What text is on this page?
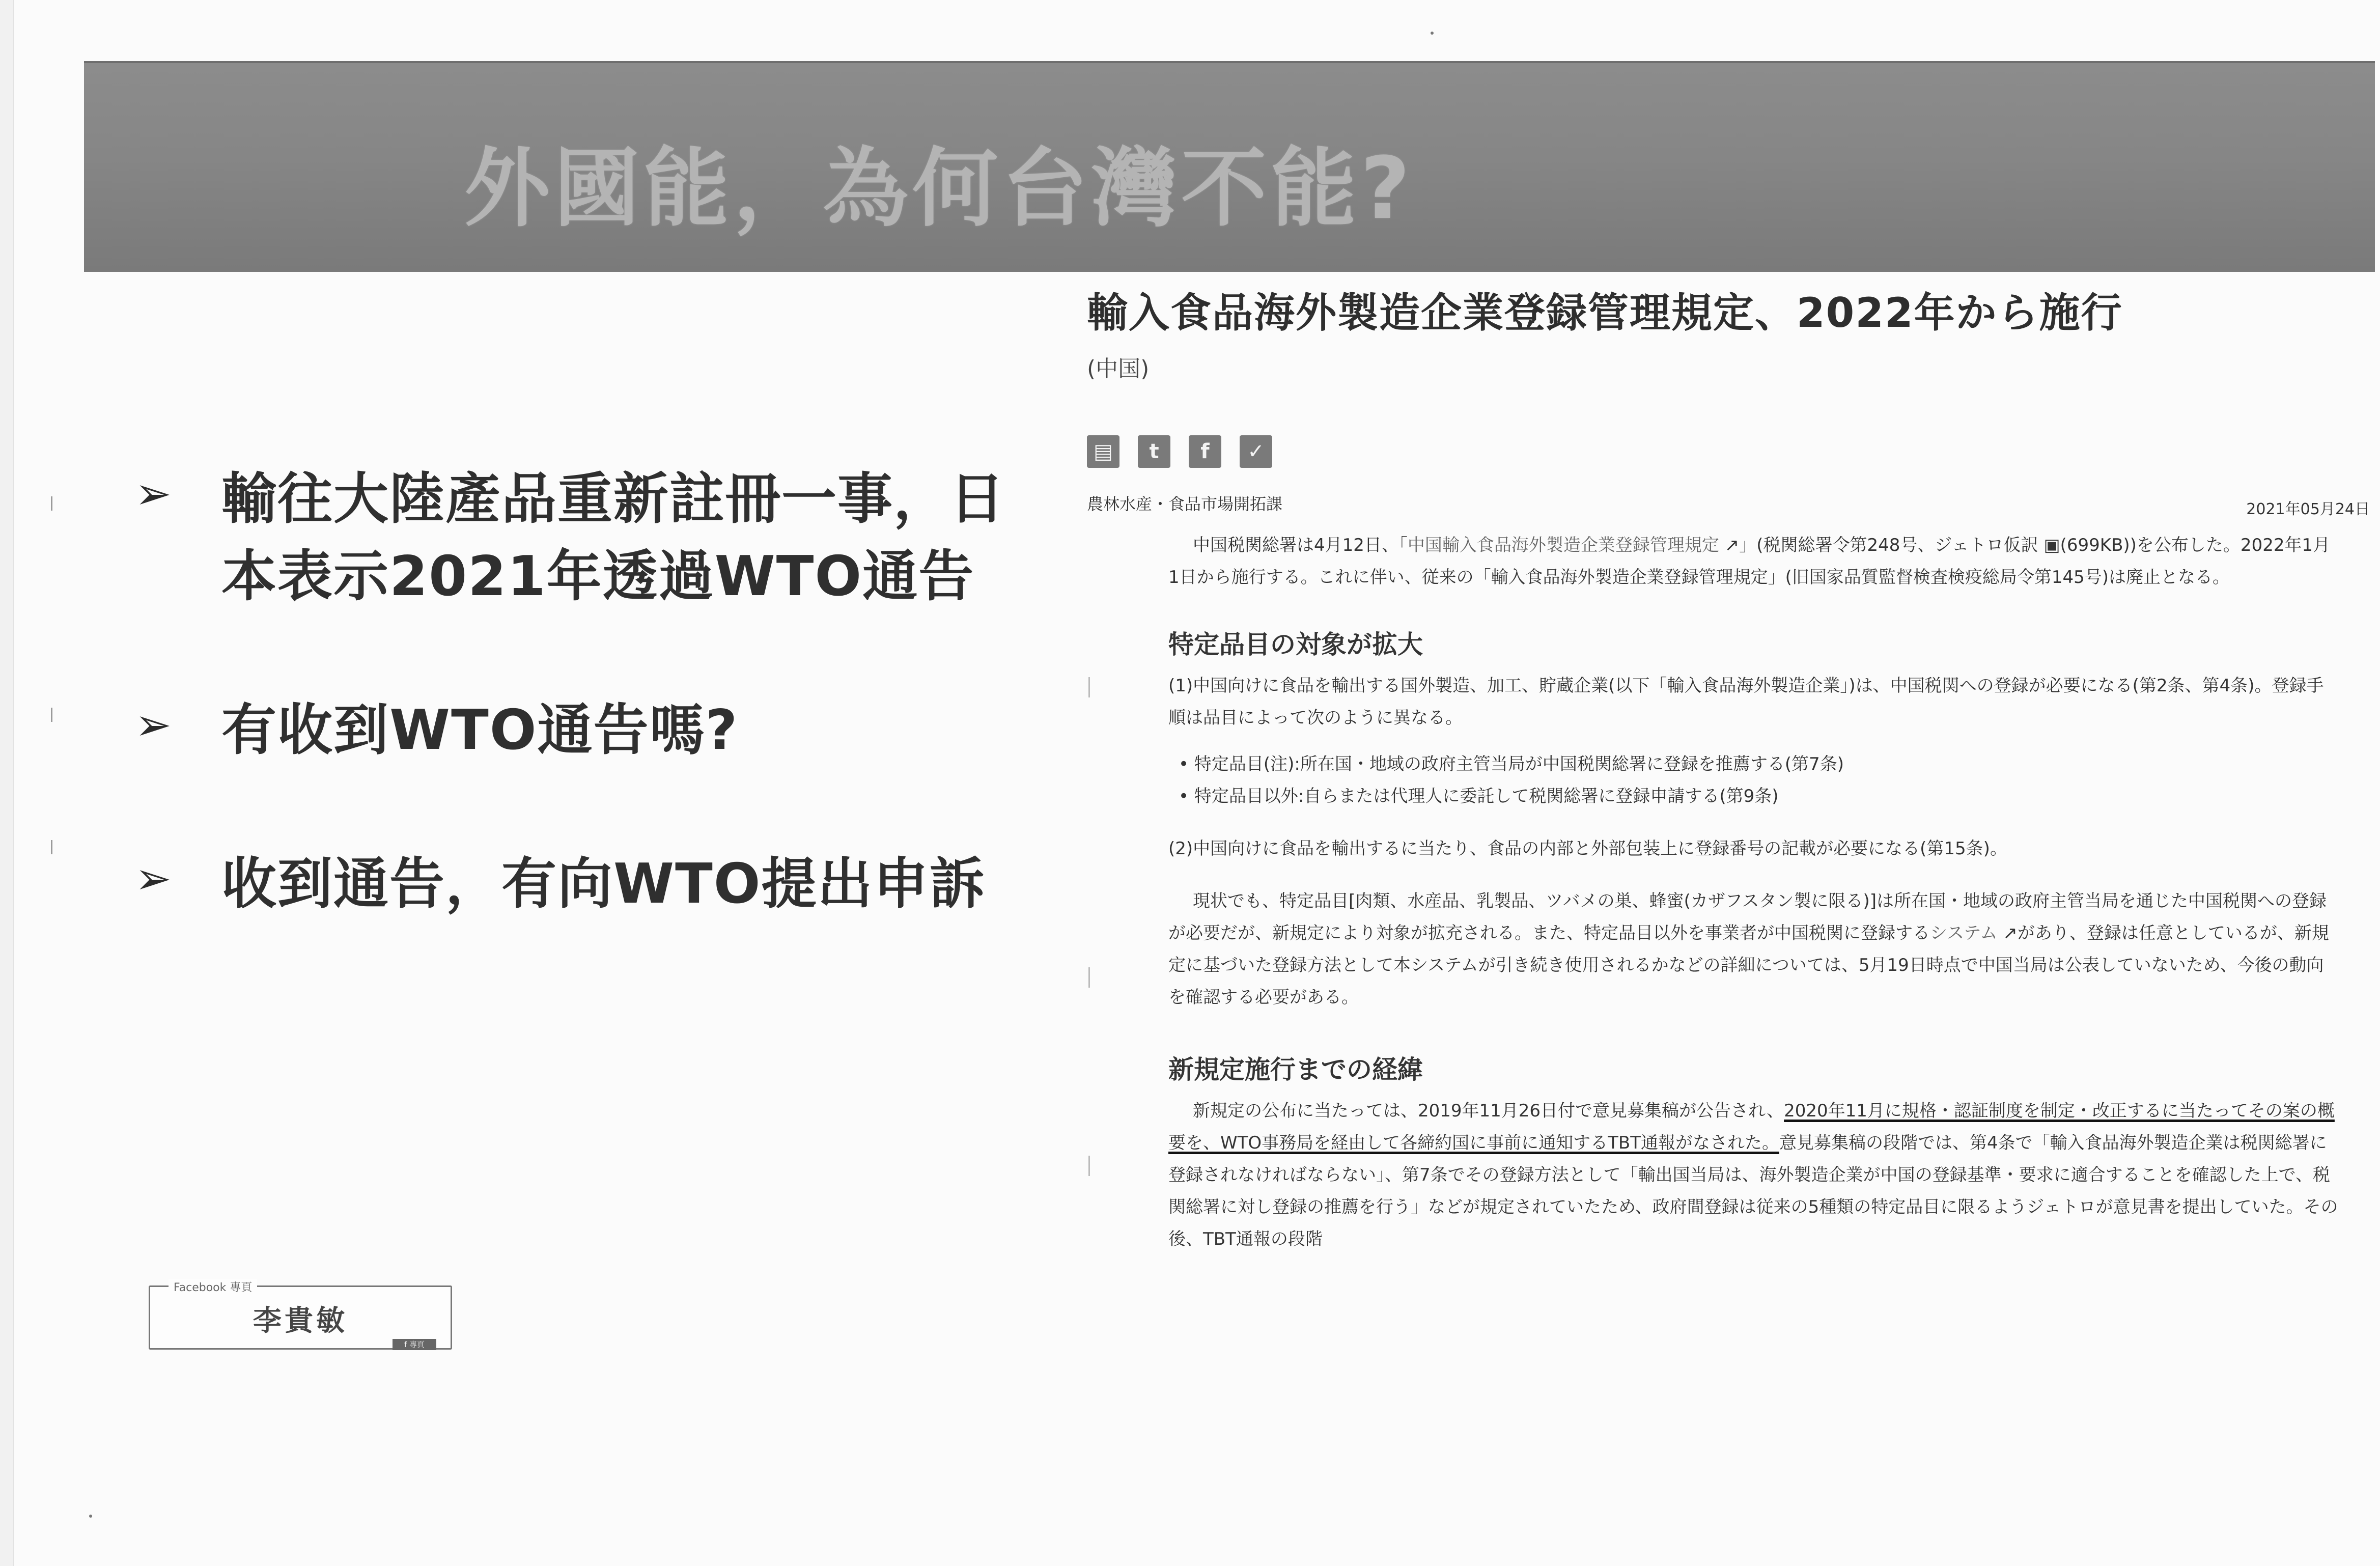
外國能，為何台灣不能?
➢ 輸往大陸產品重新註冊一事，日本表示2021年透過WTO通告
➢ 有收到WTO通告嗎?
➢ 收到通告，有向WTO提出申訴
Facebook 專頁
李貴敏
f 專頁
輸入食品海外製造企業登録管理規定、2022年から施行
(中国)
▤	t	f	✓
農林水産・食品市場開拓課	2021年05月24日

中国税関総署は4月12日、「中国輸入食品海外製造企業登録管理規定 ↗」(税関総署令第248号、ジェトロ仮訳 ▣(699KB))を公布した。2022年1月1日から施行する。これに伴い、従来の「輸入食品海外製造企業登録管理規定」(旧国家品質監督検査検疫総局令第145号)は廃止となる。

特定品目の対象が拡大

(1)中国向けに食品を輸出する国外製造、加工、貯蔵企業(以下「輸入食品海外製造企業」)は、中国税関への登録が必要になる(第2条、第4条)。登録手順は品目によって次のように異なる。

• 特定品目(注):所在国・地域の政府主管当局が中国税関総署に登録を推薦する(第7条)

• 特定品目以外:自らまたは代理人に委託して税関総署に登録申請する(第9条)

(2)中国向けに食品を輸出するに当たり、食品の内部と外部包装上に登録番号の記載が必要になる(第15条)。

現状でも、特定品目[肉類、水産品、乳製品、ツバメの巣、蜂蜜(カザフスタン製に限る)]は所在国・地域の政府主管当局を通じた中国税関への登録が必要だが、新規定により対象が拡充される。また、特定品目以外を事業者が中国税関に登録するシステム ↗があり、登録は任意としているが、新規定に基づいた登録方法として本システムが引き続き使用されるかなどの詳細については、5月19日時点で中国当局は公表していないため、今後の動向を確認する必要がある。

新規定施行までの経緯

新規定の公布に当たっては、2019年11月26日付で意見募集稿が公告され、2020年11月に規格・認証制度を制定・改正するに当たってその案の概要を、WTO事務局を経由して各締約国に事前に通知するTBT通報がなされた。意見募集稿の段階では、第4条で「輸入食品海外製造企業は税関総署に登録されなければならない」、第7条でその登録方法として「輸出国当局は、海外製造企業が中国の登録基準・要求に適合することを確認した上で、税関総署に対し登録の推薦を行う」などが規定されていたため、政府間登録は従来の5種類の特定品目に限るようジェトロが意見書を提出していた。その後、TBT通報の段階
